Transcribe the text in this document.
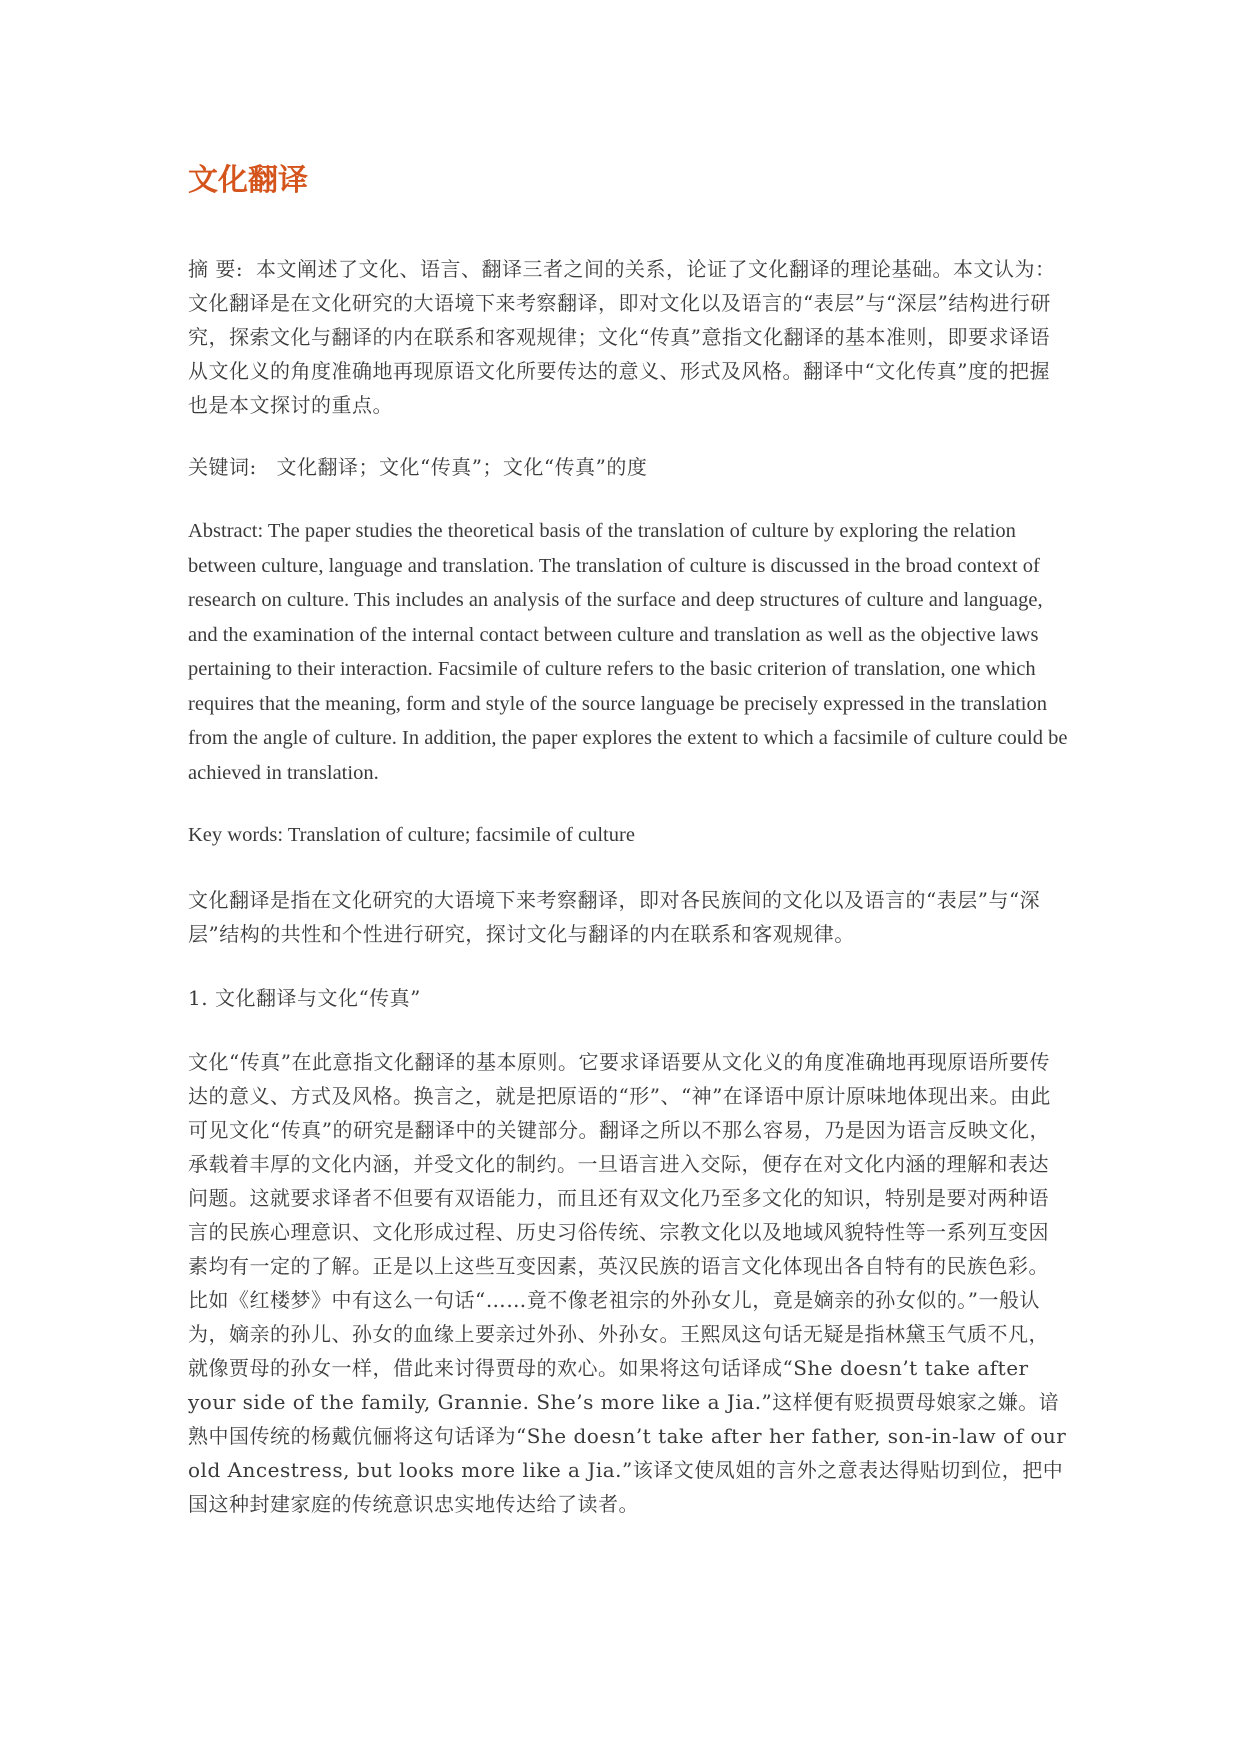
文化翻译

摘 要: 本文阐述了文化、语言、翻译三者之间的关系，论证了文化翻译的理论基础。本文认为：文化翻译是在文化研究的大语境下来考察翻译，即对文化以及语言的“表层”与“深层”结构进行研究，探索文化与翻译的内在联系和客观规律；文化“传真”意指文化翻译的基本准则，即要求译语从文化义的角度准确地再现原语文化所要传达的意义、形式及风格。翻译中“文化传真”度的把握也是本文探讨的重点。

关键词: 文化翻译；文化“传真”；文化“传真”的度

Abstract: The paper studies the theoretical basis of the translation of culture by exploring the relation between culture, language and translation. The translation of culture is discussed in the broad context of research on culture. This includes an analysis of the surface and deep structures of culture and language, and the examination of the internal contact between culture and translation as well as the objective laws pertaining to their interaction. Facsimile of culture refers to the basic criterion of translation, one which requires that the meaning, form and style of the source language be precisely expressed in the translation from the angle of culture. In addition, the paper explores the extent to which a facsimile of culture could be achieved in translation.

Key words: Translation of culture; facsimile of culture

文化翻译是指在文化研究的大语境下来考察翻译，即对各民族间的文化以及语言的“表层”与“深层”结构的共性和个性进行研究，探讨文化与翻译的内在联系和客观规律。

1. 文化翻译与文化“传真”

文化“传真”在此意指文化翻译的基本原则。它要求译语要从文化义的角度准确地再现原语所要传达的意义、方式及风格。换言之，就是把原语的“形”、“神”在译语中原计原味地体现出来。由此可见文化“传真”的研究是翻译中的关键部分。翻译之所以不那么容易，乃是因为语言反映文化，承载着丰厚的文化内涵，并受文化的制约。一旦语言进入交际，便存在对文化内涵的理解和表达问题。这就要求译者不但要有双语能力，而且还有双文化乃至多文化的知识，特别是要对两种语言的民族心理意识、文化形成过程、历史习俗传统、宗教文化以及地域风貌特性等一系列互变因素均有一定的了解。正是以上这些互变因素，英汉民族的语言文化体现出各自特有的民族色彩。比如《红楼梦》中有这么一句话“……竟不像老祖宗的外孙女儿，竟是嫡亲的孙女似的。”一般认为，嫡亲的孙儿、孙女的血缘上要亲过外孙、外孙女。王熙凤这句话无疑是指林黛玉气质不凡，就像贾母的孙女一样，借此来讨得贾母的欢心。如果将这句话译成“She doesn’t take after your side of the family, Grannie. She’s more like a Jia.”这样便有贬损贾母娘家之嫌。谙熟中国传统的杨戴伉俪将这句话译为“She doesn’t take after her father, son-in-law of our old Ancestress, but looks more like a Jia.”该译文使凤姐的言外之意表达得贴切到位，把中国这种封建家庭的传统意识忠实地传达给了读者。
